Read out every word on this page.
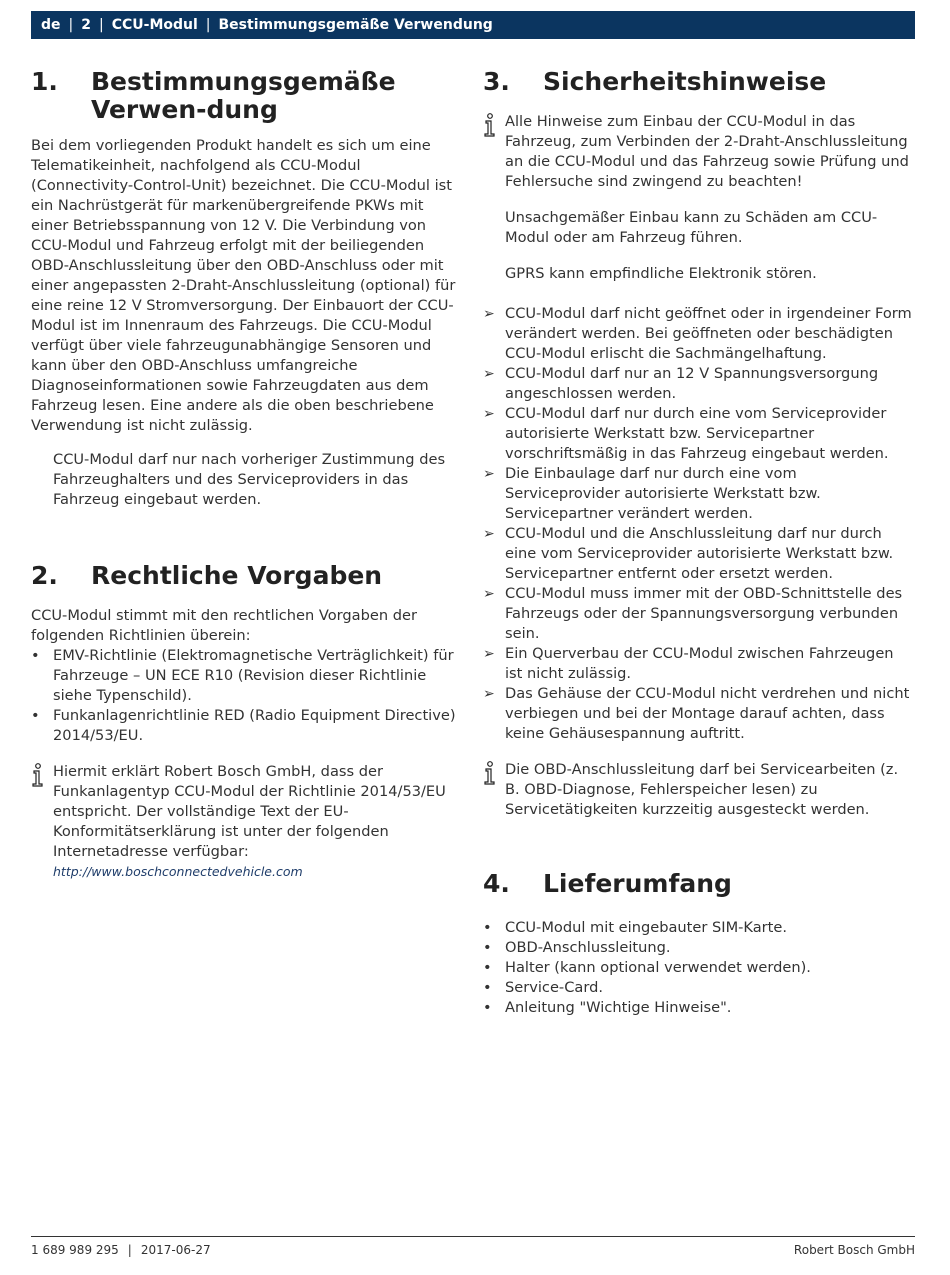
de | 2 | CCU-Modul | Bestimmungsgemäße Verwendung
1.	Bestimmungsgemäße Verwen-dung

Bei dem vorliegenden Produkt handelt es sich um eine Telematikeinheit, nachfolgend als CCU-Modul (Connectivity-Control-Unit) bezeichnet. Die CCU-Modul ist ein Nachrüstgerät für markenübergreifende PKWs mit einer Betriebsspannung von 12 V. Die Verbindung von CCU-Modul und Fahrzeug erfolgt mit der beiliegenden OBD-Anschlussleitung über den OBD-Anschluss oder mit einer angepassten 2-Draht-Anschlussleitung (optional) für eine reine 12 V Stromversorgung. Der Einbauort der CCU-Modul ist im Innenraum des Fahrzeugs. Die CCU-Modul verfügt über viele fahrzeugunabhängige Sensoren und kann über den OBD-Anschluss umfangreiche Diagnoseinformationen sowie Fahrzeugdaten aus dem Fahrzeug lesen. Eine andere als die oben beschriebene Verwendung ist nicht zulässig.

CCU-Modul darf nur nach vorheriger Zustimmung des Fahrzeughalters und des Serviceproviders in das Fahrzeug eingebaut werden.
2.	Rechtliche Vorgaben

CCU-Modul stimmt mit den rechtlichen Vorgaben der folgenden Richtlinien überein:

• EMV-Richtlinie (Elektromagnetische Verträglichkeit) für Fahrzeuge – UN ECE R10 (Revision dieser Richtlinie siehe Typenschild).
• Funkanlagenrichtlinie RED (Radio Equipment Directive) 2014/53/EU.
Hiermit erklärt Robert Bosch GmbH, dass der Funkanlagentyp CCU-Modul der Richtlinie 2014/53/EU entspricht. Der vollständige Text der EU-Konformitätserklärung ist unter der folgenden Internetadresse verfügbar:
http://www.boschconnectedvehicle.com
3.	Sicherheitshinweise
Alle Hinweise zum Einbau der CCU-Modul in das Fahrzeug, zum Verbinden der 2-Draht-Anschlussleitung an die CCU-Modul und das Fahrzeug sowie Prüfung und Fehlersuche sind zwingend zu beachten!
Unsachgemäßer Einbau kann zu Schäden am CCU-Modul oder am Fahrzeug führen.
GPRS kann empfindliche Elektronik stören.
➢ CCU-Modul darf nicht geöffnet oder in irgendeiner Form verändert werden. Bei geöffneten oder beschädigten CCU-Modul erlischt die Sachmängelhaftung.
➢ CCU-Modul darf nur an 12 V Spannungsversorgung angeschlossen werden.
➢ CCU-Modul darf nur durch eine vom Serviceprovider autorisierte Werkstatt bzw. Servicepartner vorschriftsmäßig in das Fahrzeug eingebaut werden.
➢ Die Einbaulage darf nur durch eine vom Serviceprovider autorisierte Werkstatt bzw. Servicepartner verändert werden.
➢ CCU-Modul und die Anschlussleitung darf nur durch eine vom Serviceprovider autorisierte Werkstatt bzw. Servicepartner entfernt oder ersetzt werden.
➢ CCU-Modul muss immer mit der OBD-Schnittstelle des Fahrzeugs oder der Spannungsversorgung verbunden sein.
➢ Ein Querverbau der CCU-Modul zwischen Fahrzeugen ist nicht zulässig.
➢ Das Gehäuse der CCU-Modul nicht verdrehen und nicht verbiegen und bei der Montage darauf achten, dass keine Gehäusespannung auftritt.
Die OBD-Anschlussleitung darf bei Servicearbeiten (z. B. OBD-Diagnose, Fehlerspeicher lesen) zu Servicetätigkeiten kurzzeitig ausgesteckt werden.
4.	Lieferumfang
• CCU-Modul mit eingebauter SIM-Karte.
• OBD-Anschlussleitung.
• Halter (kann optional verwendet werden).
• Service-Card.
• Anleitung "Wichtige Hinweise".
1 689 989 295 | 2017-06-27	Robert Bosch GmbH
